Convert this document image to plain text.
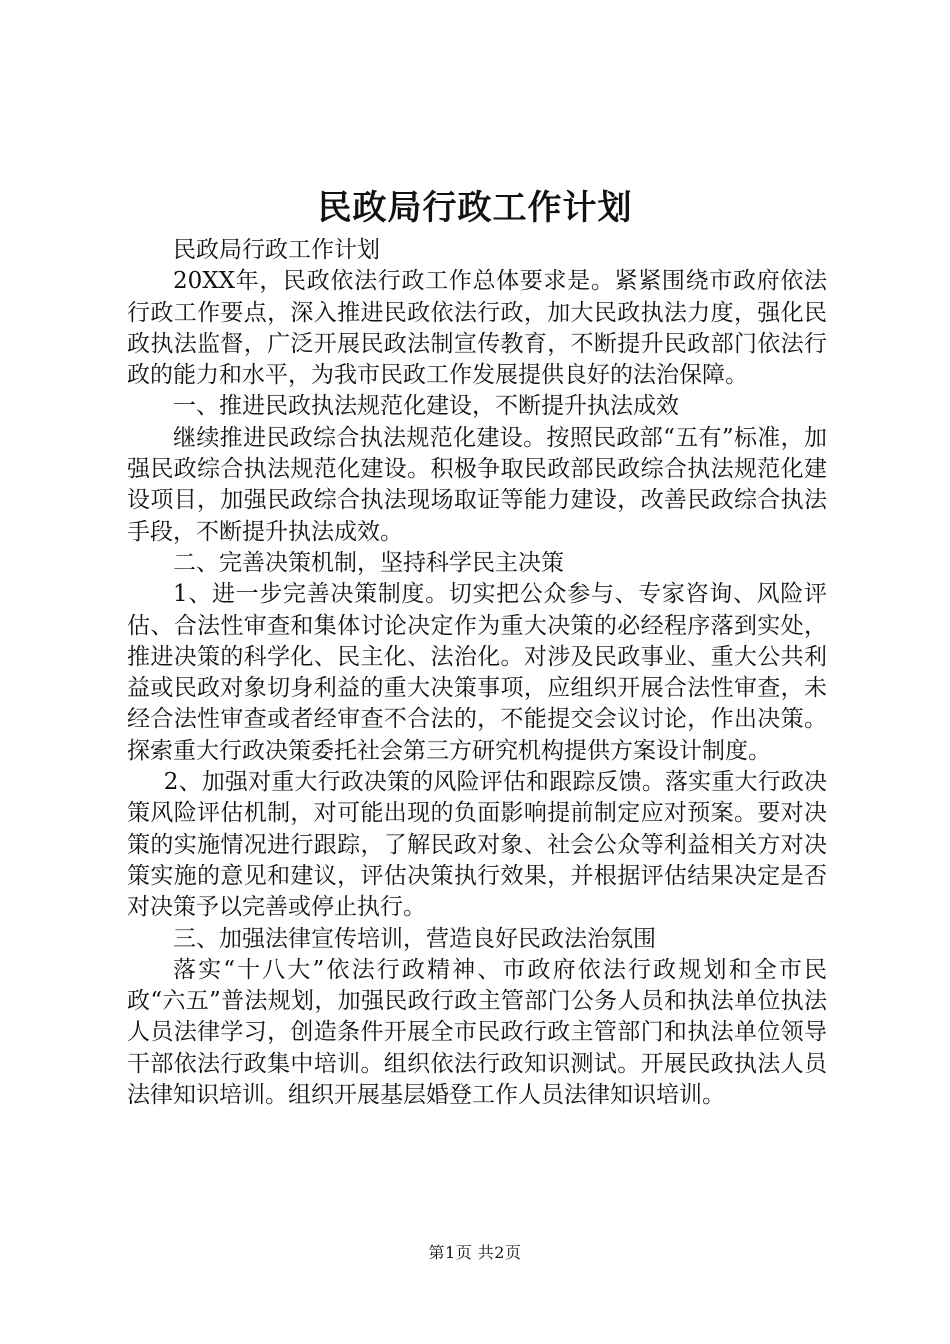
民政局行政工作计划

民政局行政工作计划

20XX年，民政依法行政工作总体要求是。紧紧围绕市政府依法行政工作要点，深入推进民政依法行政，加大民政执法力度，强化民政执法监督，广泛开展民政法制宣传教育，不断提升民政部门依法行政的能力和水平，为我市民政工作发展提供良好的法治保障。

一、推进民政执法规范化建设，不断提升执法成效

继续推进民政综合执法规范化建设。按照民政部“五有”标准，加强民政综合执法规范化建设。积极争取民政部民政综合执法规范化建设项目，加强民政综合执法现场取证等能力建设，改善民政综合执法手段，不断提升执法成效。

二、完善决策机制，坚持科学民主决策

1、进一步完善决策制度。切实把公众参与、专家咨询、风险评估、合法性审查和集体讨论决定作为重大决策的必经程序落到实处，推进决策的科学化、民主化、法治化。对涉及民政事业、重大公共利益或民政对象切身利益的重大决策事项，应组织开展合法性审查，未经合法性审查或者经审查不合法的，不能提交会议讨论，作出决策。探索重大行政决策委托社会第三方研究机构提供方案设计制度。

2、加强对重大行政决策的风险评估和跟踪反馈。落实重大行政决策风险评估机制，对可能出现的负面影响提前制定应对预案。要对决策的实施情况进行跟踪，了解民政对象、社会公众等利益相关方对决策实施的意见和建议，评估决策执行效果，并根据评估结果决定是否对决策予以完善或停止执行。

三、加强法律宣传培训，营造良好民政法治氛围

落实“十八大”依法行政精神、市政府依法行政规划和全市民政“六五”普法规划，加强民政行政主管部门公务人员和执法单位执法人员法律学习，创造条件开展全市民政行政主管部门和执法单位领导干部依法行政集中培训。组织依法行政知识测试。开展民政执法人员法律知识培训。组织开展基层婚登工作人员法律知识培训。

第1页 共2页
